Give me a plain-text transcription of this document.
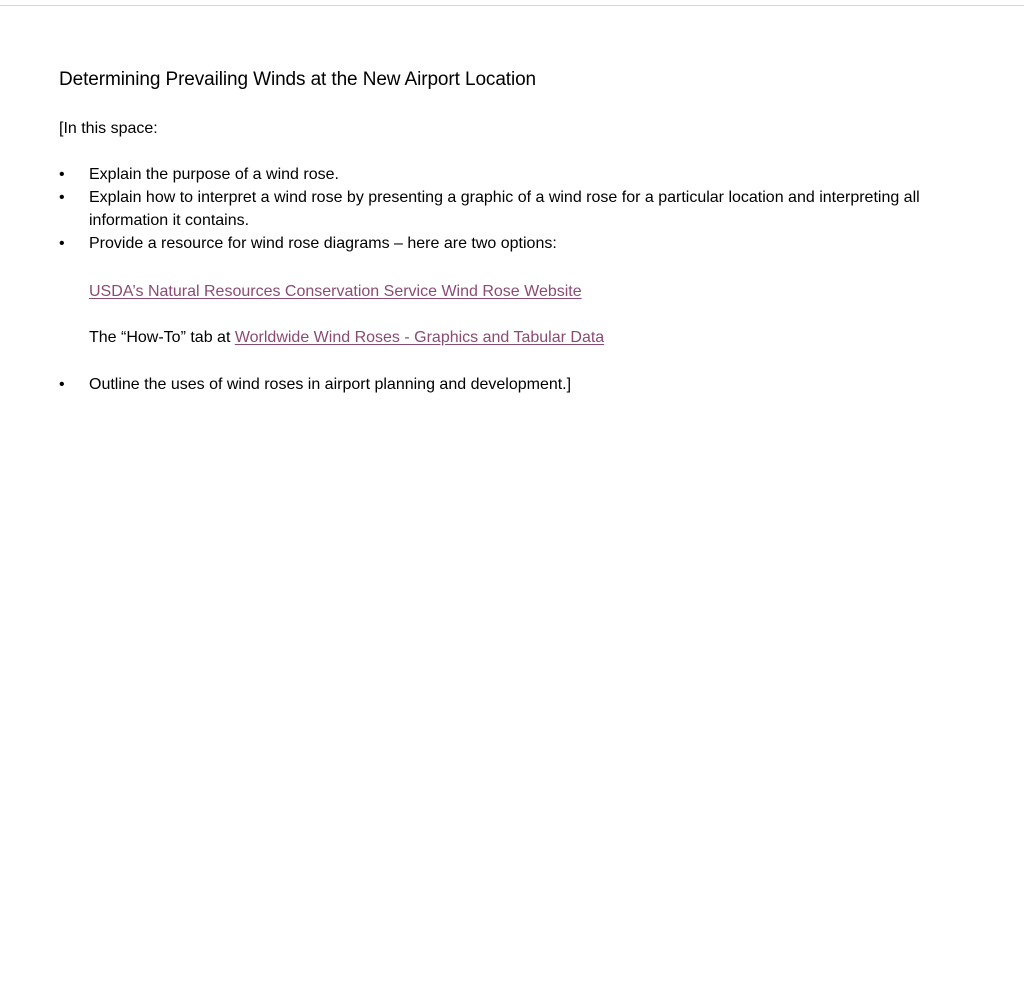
Determining Prevailing Winds at the New Airport Location
[In this space:
• Explain the purpose of a wind rose.
• Explain how to interpret a wind rose by presenting a graphic of a wind rose for a particular location and interpreting all information it contains.
• Provide a resource for wind rose diagrams – here are two options:
USDA’s Natural Resources Conservation Service Wind Rose Website
The “How-To” tab at Worldwide Wind Roses - Graphics and Tabular Data
• Outline the uses of wind roses in airport planning and development.]
